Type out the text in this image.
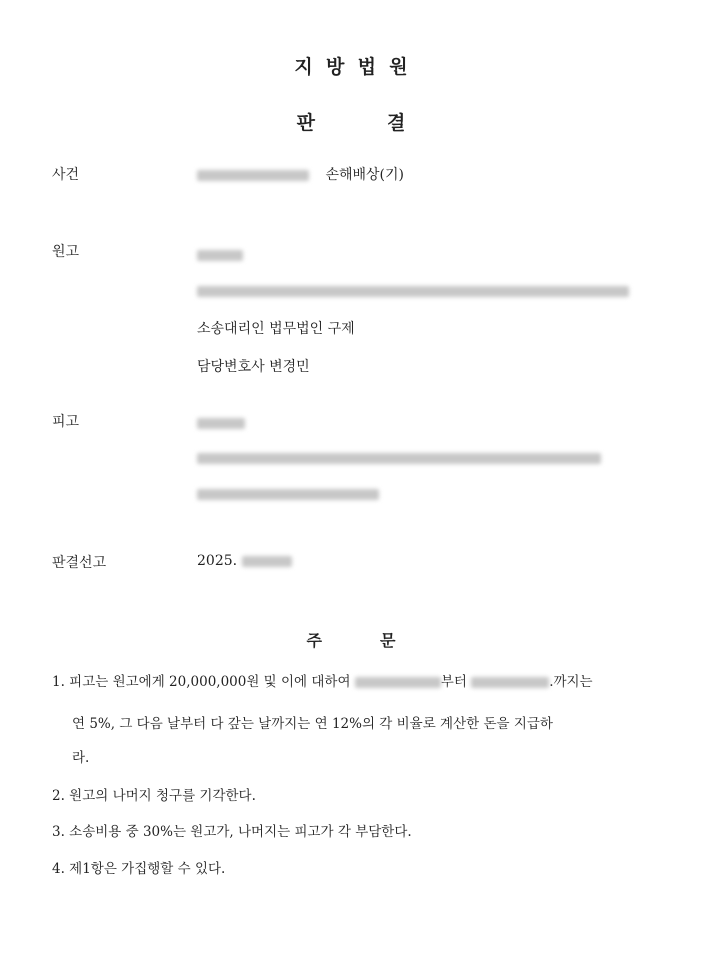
지방법원
판	결
사건	손해배상(기)
원고
소송대리인 법무법인 구제
담당변호사 변경민
피고
판결선고	2025.
주	문
1. 피고는 원고에게 20,000,000원 및 이에 대하여	부터	.까지는
연 5%, 그 다음 날부터 다 갚는 날까지는 연 12%의 각 비율로 계산한 돈을 지급하
라.
2. 원고의 나머지 청구를 기각한다.
3. 소송비용 중 30%는 원고가, 나머지는 피고가 각 부담한다.
4. 제1항은 가집행할 수 있다.
